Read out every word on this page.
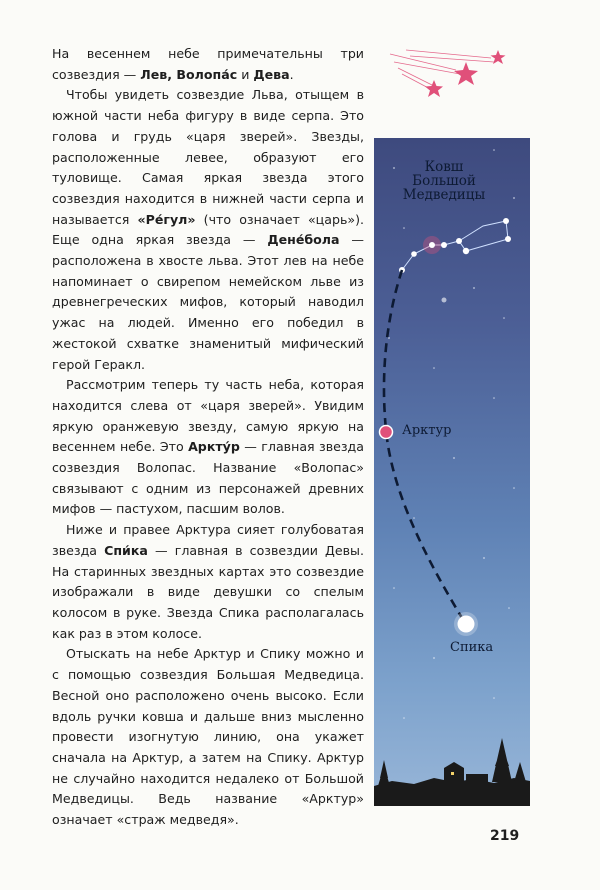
На весеннем небе примечательны три созвездия — Лев, Волопа́с и Дева.

Чтобы увидеть созвездие Льва, отыщем в южной части неба фигуру в виде серпа. Это голова и грудь «царя зверей». Звезды, расположенные левее, образуют его туловище. Самая яркая звезда этого созвездия находится в нижней части серпа и называется «Ре́гул» (что означает «царь»). Еще одна яркая звезда — Дене́бола — расположена в хвосте льва. Этот лев на небе напоминает о свирепом немейском льве из древнегреческих мифов, который наводил ужас на людей. Именно его победил в жестокой схватке знаменитый мифический герой Геракл.

Рассмотрим теперь ту часть неба, которая находится слева от «царя зверей». Увидим яркую оранжевую звезду, самую яркую на весеннем небе. Это Аркту́р — главная звезда созвездия Волопас. Название «Волопас» связывают с одним из персонажей древних мифов — пастухом, пасшим волов.

Ниже и правее Арктура сияет голубоватая звезда Спи́ка — главная в созвездии Девы. На старинных звездных картах это созвездие изображали в виде девушки со спелым колосом в руке. Звезда Спика располагалась как раз в этом колосе.

Отыскать на небе Арктур и Спику можно и с помощью созвездия Большая Медведица. Весной оно расположено очень высоко. Если вдоль ручки ковша и дальше вниз мысленно провести изогнутую линию, она укажет сначала на Арктур, а затем на Спику. Арктур не случайно находится недалеко от Большой Медведицы. Ведь название «Арктур» означает «страж медведя».

Ковш
Большой
Медведицы
Арктур
Спика
219
